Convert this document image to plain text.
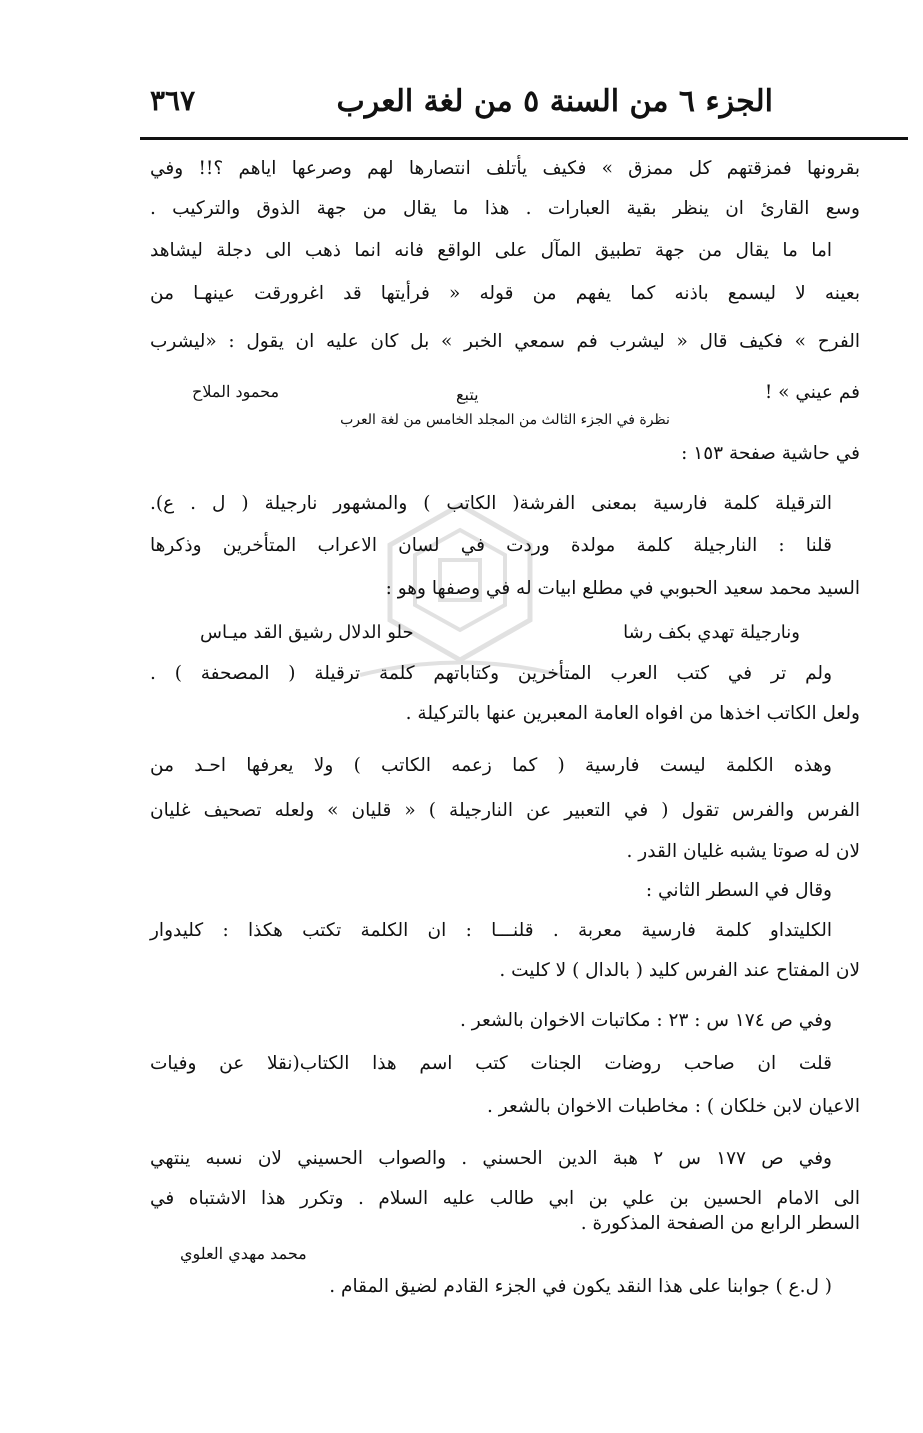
الجزء ٦ من السنة ٥ من لغة العرب
٣٦٧
بقرونها فمزقتهم كل ممزق » فكيف يأتلف انتصارها لهم وصرعها اياهم ؟!! وفي
وسع القارئ ان ينظر بقية العبارات . هذا ما يقال من جهة الذوق والتركيب .
اما ما يقال من جهة تطبيق المآل على الواقع فانه انما ذهب الى دجلة ليشاهد
بعينه لا ليسمع باذنه كما يفهم من قوله « فرأيتها قد اغرورقت عينهـا من
الفرح » فكيف قال « ليشرب فم سمعي الخبر » بل كان عليه ان يقول : «ليشرب
فم عيني » !
يتبع
محمود الملاح
نظرة في الجزء الثالث من المجلد الخامس من لغة العرب
في حاشية صفحة ١٥٣ :
الترقيلة كلمة فارسية بمعنى الفرشة( الكاتب ) والمشهور نارجيلة ( ل . ع).
قلنا : النارجيلة كلمة مولدة وردت في لسان الاعراب المتأخرين وذكرها
السيد محمد سعيد الحبوبي في مطلع ابيات له في وصفها وهو :
ونارجيلة تهدي بكف رشا
حلو الدلال رشيق القد ميـاس
ولم تر في كتب العرب المتأخرين وكتاباتهم كلمة ترقيلة ( المصحفة ) .
ولعل الكاتب اخذها من افواه العامة المعبرين عنها بالتركيلة .
وهذه الكلمة ليست فارسية ( كما زعمه الكاتب ) ولا يعرفها احـد من
الفرس والفرس تقول ( في التعبير عن النارجيلة ) « قليان » ولعله تصحيف غليان
لان له صوتا يشبه غليان القدر .
وقال في السطر الثاني :
الكليتداو كلمة فارسية معربة . قلنـــا : ان الكلمة تكتب هكذا : كليدوار
لان المفتاح عند الفرس كليد ( بالدال ) لا كليت .
وفي ص ١٧٤ س : ٢٣ : مكاتبات الاخوان بالشعر .
قلت ان صاحب روضات الجنات كتب اسم هذا الكتاب(نقلا عن وفيات
الاعيان لابن خلكان ) : مخاطبات الاخوان بالشعر .
وفي ص ١٧٧ س ٢ هبة الدين الحسني . والصواب الحسيني لان نسبه ينتهي
الى الامام الحسين بن علي بن ابي طالب عليه السلام . وتكرر هذا الاشتباه في
السطر الرابع من الصفحة المذكورة .
محمد مهدي العلوي
( ل.ع ) جوابنا على هذا النقد يكون في الجزء القادم لضيق المقام .
